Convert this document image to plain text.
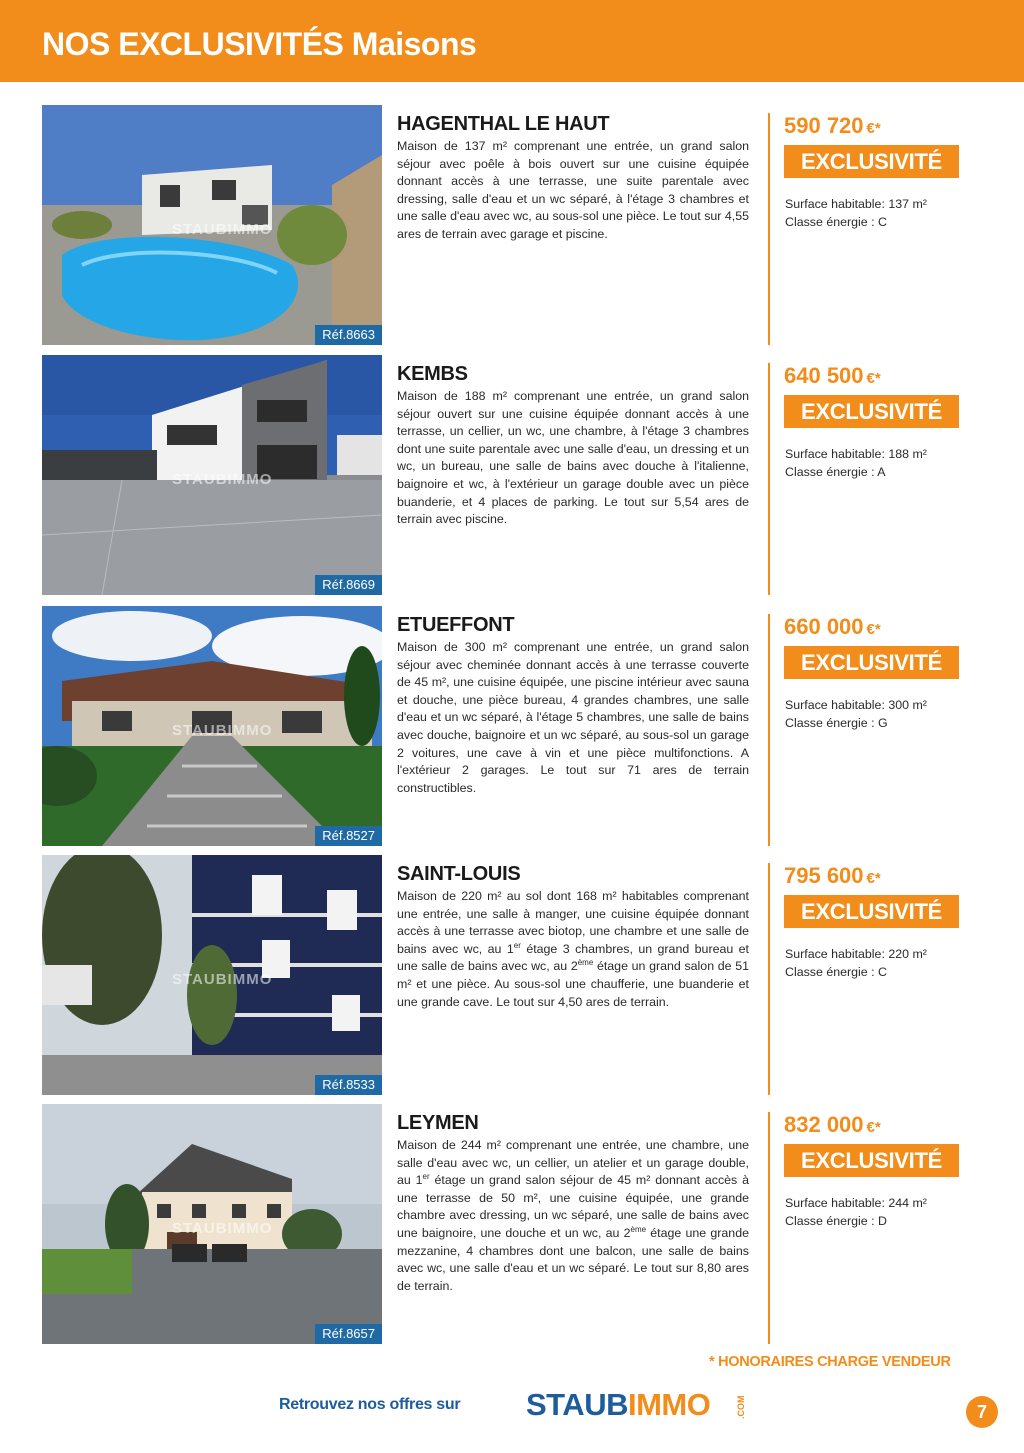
NOS EXCLUSIVITÉS Maisons
STAUBIMMO
Réf.8663
HAGENTHAL LE HAUT
Maison de 137 m² comprenant une entrée, un grand salon séjour avec poêle à bois ouvert sur une cuisine équipée donnant accès à une terrasse, une suite parentale avec dressing, salle d'eau et un wc séparé, à l'étage 3 chambres et une salle d'eau avec wc, au sous-sol une pièce. Le tout sur 4,55 ares de terrain avec garage et piscine.
590 720 €*
EXCLUSIVITÉ
Surface habitable: 137 m²
Classe énergie : C
STAUBIMMO
Réf.8669
KEMBS
Maison de 188 m² comprenant une entrée, un grand salon séjour ouvert sur une cuisine équipée donnant accès à une terrasse, un cellier, un wc, une chambre, à l'étage 3 chambres dont une suite parentale avec une salle d'eau, un dressing et un wc, un bureau, une salle de bains avec douche à l'italienne, baignoire et wc, à l'extérieur un garage double avec un pièce buanderie, et 4 places de parking. Le tout sur 5,54 ares de terrain avec piscine.
640 500 €*
EXCLUSIVITÉ
Surface habitable: 188 m²
Classe énergie : A
STAUBIMMO
Réf.8527
ETUEFFONT
Maison de 300 m² comprenant une entrée, un grand salon séjour avec cheminée donnant accès à une terrasse couverte de 45 m², une cuisine équipée, une piscine intérieur avec sauna et douche, une pièce bureau, 4 grandes chambres, une salle d'eau et un wc séparé, à l'étage 5 chambres, une salle de bains avec douche, baignoire et un wc séparé, au sous-sol un garage 2 voitures, une cave à vin et une pièce multifonctions. A l'extérieur 2 garages. Le tout sur 71 ares de terrain constructibles.
660 000 €*
EXCLUSIVITÉ
Surface habitable: 300 m²
Classe énergie : G
STAUBIMMO
Réf.8533
SAINT-LOUIS
Maison de 220 m² au sol dont 168 m² habitables comprenant une entrée, une salle à manger, une cuisine équipée donnant accès à une terrasse avec biotop, une chambre et une salle de bains avec wc, au 1er étage 3 chambres, un grand bureau et une salle de bains avec wc, au 2ème étage un grand salon de 51 m² et une pièce. Au sous-sol une chaufferie, une buanderie et une grande cave. Le tout sur 4,50 ares de terrain.
795 600 €*
EXCLUSIVITÉ
Surface habitable: 220 m²
Classe énergie : C
STAUBIMMO
Réf.8657
LEYMEN
Maison de 244 m² comprenant une entrée, une chambre, une salle d'eau avec wc, un cellier, un atelier et un garage double, au 1er étage un grand salon séjour de 45 m² donnant accès à une terrasse de 50 m², une cuisine équipée, une grande chambre avec dressing, un wc séparé, une salle de bains avec une baignoire, une douche et un wc, au 2ème étage une grande mezzanine, 4 chambres dont une balcon, une salle de bains avec wc, une salle d'eau et un wc séparé. Le tout sur 8,80 ares de terrain.
832 000 €*
EXCLUSIVITÉ
Surface habitable: 244 m²
Classe énergie : D
* HONORAIRES CHARGE VENDEUR
Retrouvez nos offres sur STAUBIMMO	.COM	7
